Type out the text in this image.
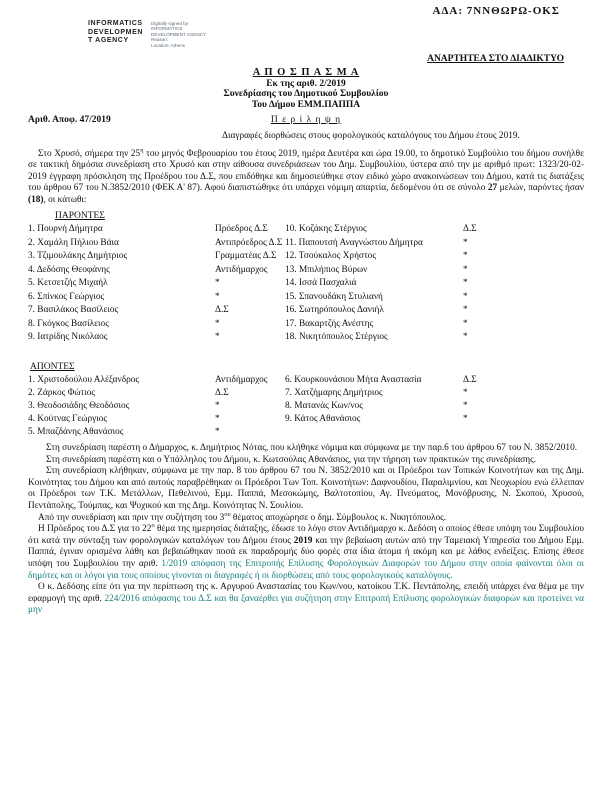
ΑΔΑ: 7ΝΝΘΩΡΩ-ΟΚΣ
INFORMATICS
DEVELOPMEN
T AGENCY
Digitally signed by
INFORMATICS
DEVELOPMENT AGENCY
Reason:
Location: Athens
ΑΝΑΡΤΗΤΕΑ ΣΤΟ ΔΙΑΔΙΚΤΥΟ
Α Π Ο Σ Π Α Σ Μ Α
Εκ της αριθ. 2/2019
Συνεδρίασης του Δημοτικού Συμβουλίου
Του Δήμου ΕΜΜ.ΠΑΠΠΑ
Αριθ. Αποφ. 47/2019	Π ε ρ ί λ η ψ η

Διαγραφές διορθώσεις στους φορολογικούς καταλόγους του Δήμου έτους 2019.

Στο Χρυσό, σήμερα την $25^\eta$ του μηνός Φεβρουαρίου του έτους 2019, ημέρα Δευτέρα και ώρα 19.00, το δημοτικό Συμβούλιο του δήμου συνήλθε σε τακτική δημόσια συνεδρίαση στο Χρυσό και στην αίθουσα συνεδριάσεων του Δημ. Συμβουλίου, ύστερα από την με αριθμό πρωτ: 1323/20-02-2019 έγγραφη πρόσκληση της Προέδρου του Δ.Σ, που επιδόθηκε και δημοσιεύθηκε στον ειδικό χώρο ανακοινώσεων του Δήμου, κατά τις διατάξεις του άρθρου 67 του Ν.3852/2010 (ΦΕΚ Α' 87). Αφού διαπιστώθηκε ότι υπάρχει νόμιμη απαρτία, δεδομένου ότι σε σύνολο 27 μελών, παρόντες ήσαν (18), οι κάτωθι:

ΠΑΡΟΝΤΕΣ
1. Πουρνή Δήμητρα	Πρόεδρος Δ.Σ	10. Κοζάκης Στέργιος	Δ.Σ
2. Χαμάλη Πήλιου Βάια	Αντιπρόεδρος Δ.Σ 11. Παπουτσή Αναγνώστου Δήμητρα	*
3. Τζιμουλάκης Δημήτριος	Γραμματέας Δ.Σ 12. Τσούκαλος Χρήστος	*
4. Δεδόσης Θεοφάνης	Αντιδήμαρχος	13. Μπιλήπιος Βύρων	*
5. Κετσετζής Μιχαήλ	*	14. Ισσά Πασχαλιά	*
6. Σπίνκος Γεώργιος	*	15. Σπανουδάκη Στυλιανή	*
7. Βασιλάκος Βασίλειος	Δ.Σ	16. Σωτηρόπουλος Δανιήλ	*
8. Γκόγκος Βασίλειος	*	17. Βακαρτζής Ανέστης	*
9. Ιατρίδης Νικόλαος	*	18. Νικητόπουλος Στέργιος	*
ΑΠΟΝΤΕΣ
1. Χριστοδούλου Αλέξανδρος	Αντιδήμαρχος	6. Κουρκουνάσιου Μήτα Αναστασία	Δ.Σ
2. Ζάρκος Φώτιος	Δ.Σ	7. Χατζήμαρης Δημήτριος	*
3. Θεοδοσιάδης Θεοδόσιος	*	8. Ματανάς Κων/νος	*
4. Κούτνας Γεώργιος	*	9. Κάτος Αθανάσιος	*
5. Μπαζδάνης Αθανάσιος	*

Στη συνεδρίαση παρέστη ο Δήμαρχος, κ. Δημήτριος Νότας, που κλήθηκε νόμιμα και σύμφωνα με την παρ.6 του άρθρου 67 του Ν. 3852/2010.

Στη συνεδρίαση παρέστη και ο Υπάλληλος του Δήμου, κ. Κωτσούλας Αθανάσιος, για την τήρηση των πρακτικών της συνεδρίασης.

Στη συνεδρίαση κλήθηκαν, σύμφωνα με την παρ. 8 του άρθρου 67 του Ν. 3852/2010 και οι Πρόεδροι των Τοπικών Κοινοτήτων και της Δημ. Κοινότητας του Δήμου και από αυτούς παραβρέθηκαν οι Πρόεδροι Των Τοπ. Κοινοτήτων: Δαφνουδίου, Παραλιμνίου, και Νεοχωρίου ενώ έλλειπαν οι Πρόεδροι των Τ.Κ. Μετάλλων, Πεθελινού, Εμμ. Παππά, Μεσοκώμης, Βαλτοτοπίου, Αγ. Πνεύματος, Μονόβρυσης, Ν. Σκοπού, Χρυσού, Πεντάπολης, Τούμπας, και Ψυχικού και της Δημ. Κοινότητας Ν. Σουλίου.

Από την συνεδρίαση και πριν την συζήτηση του $3^{o\upsilon}$ θέματος αποχώρησε ο δημ. Σύμβουλος κ. Νικητόπουλος.

Η Πρόεδρος του Δ.Σ για το $22^o$ θέμα της ημερησίας διάταξης, έδωσε το λόγο στον Αντιδήμαρχο κ. Δεδόση ο οποίος έθεσε υπόψη του Συμβουλίου ότι κατά την σύνταξη των φορολογικών καταλόγων του Δήμου έτους 2019 και την βεβαίωση αυτών από την Ταμειακή Υπηρεσία του Δήμου Εμμ. Παππά, έγιναν ορισμένα λάθη και βεβαιώθηκαν ποσά εκ παραδρομής δύο φορές στα ίδια άτομα ή ακόμη και με λάθος ενδείξεις. Επίσης έθεσε υπόψη του Συμβουλίου την αριθ. 1/2019 απόφαση της Επιτροπής Επίλυσης Φορολογικών Διαφορών του Δήμου στην οποία φαίνονται όλοι οι δημότες και οι λόγοι για τους οποίους γίνονται οι διαγραφές ή οι διορθώσεις από τους φορολογικούς καταλόγους.

Ο κ. Δεδόσης είπε ότι για την περίπτωση της κ. Αργυρού Αναστασίας του Κων/νου, κατοίκου Τ.Κ. Πεντάπολης, επειδή υπάρχει ένα θέμα με την εφαρμογή της αριθ. 224/2016 απόφασης του Δ.Σ και θα ξαναέρθει για συζήτηση στην Επιτροπή Επίλυσης φορολογικών διαφορών και προτείνει να μην
